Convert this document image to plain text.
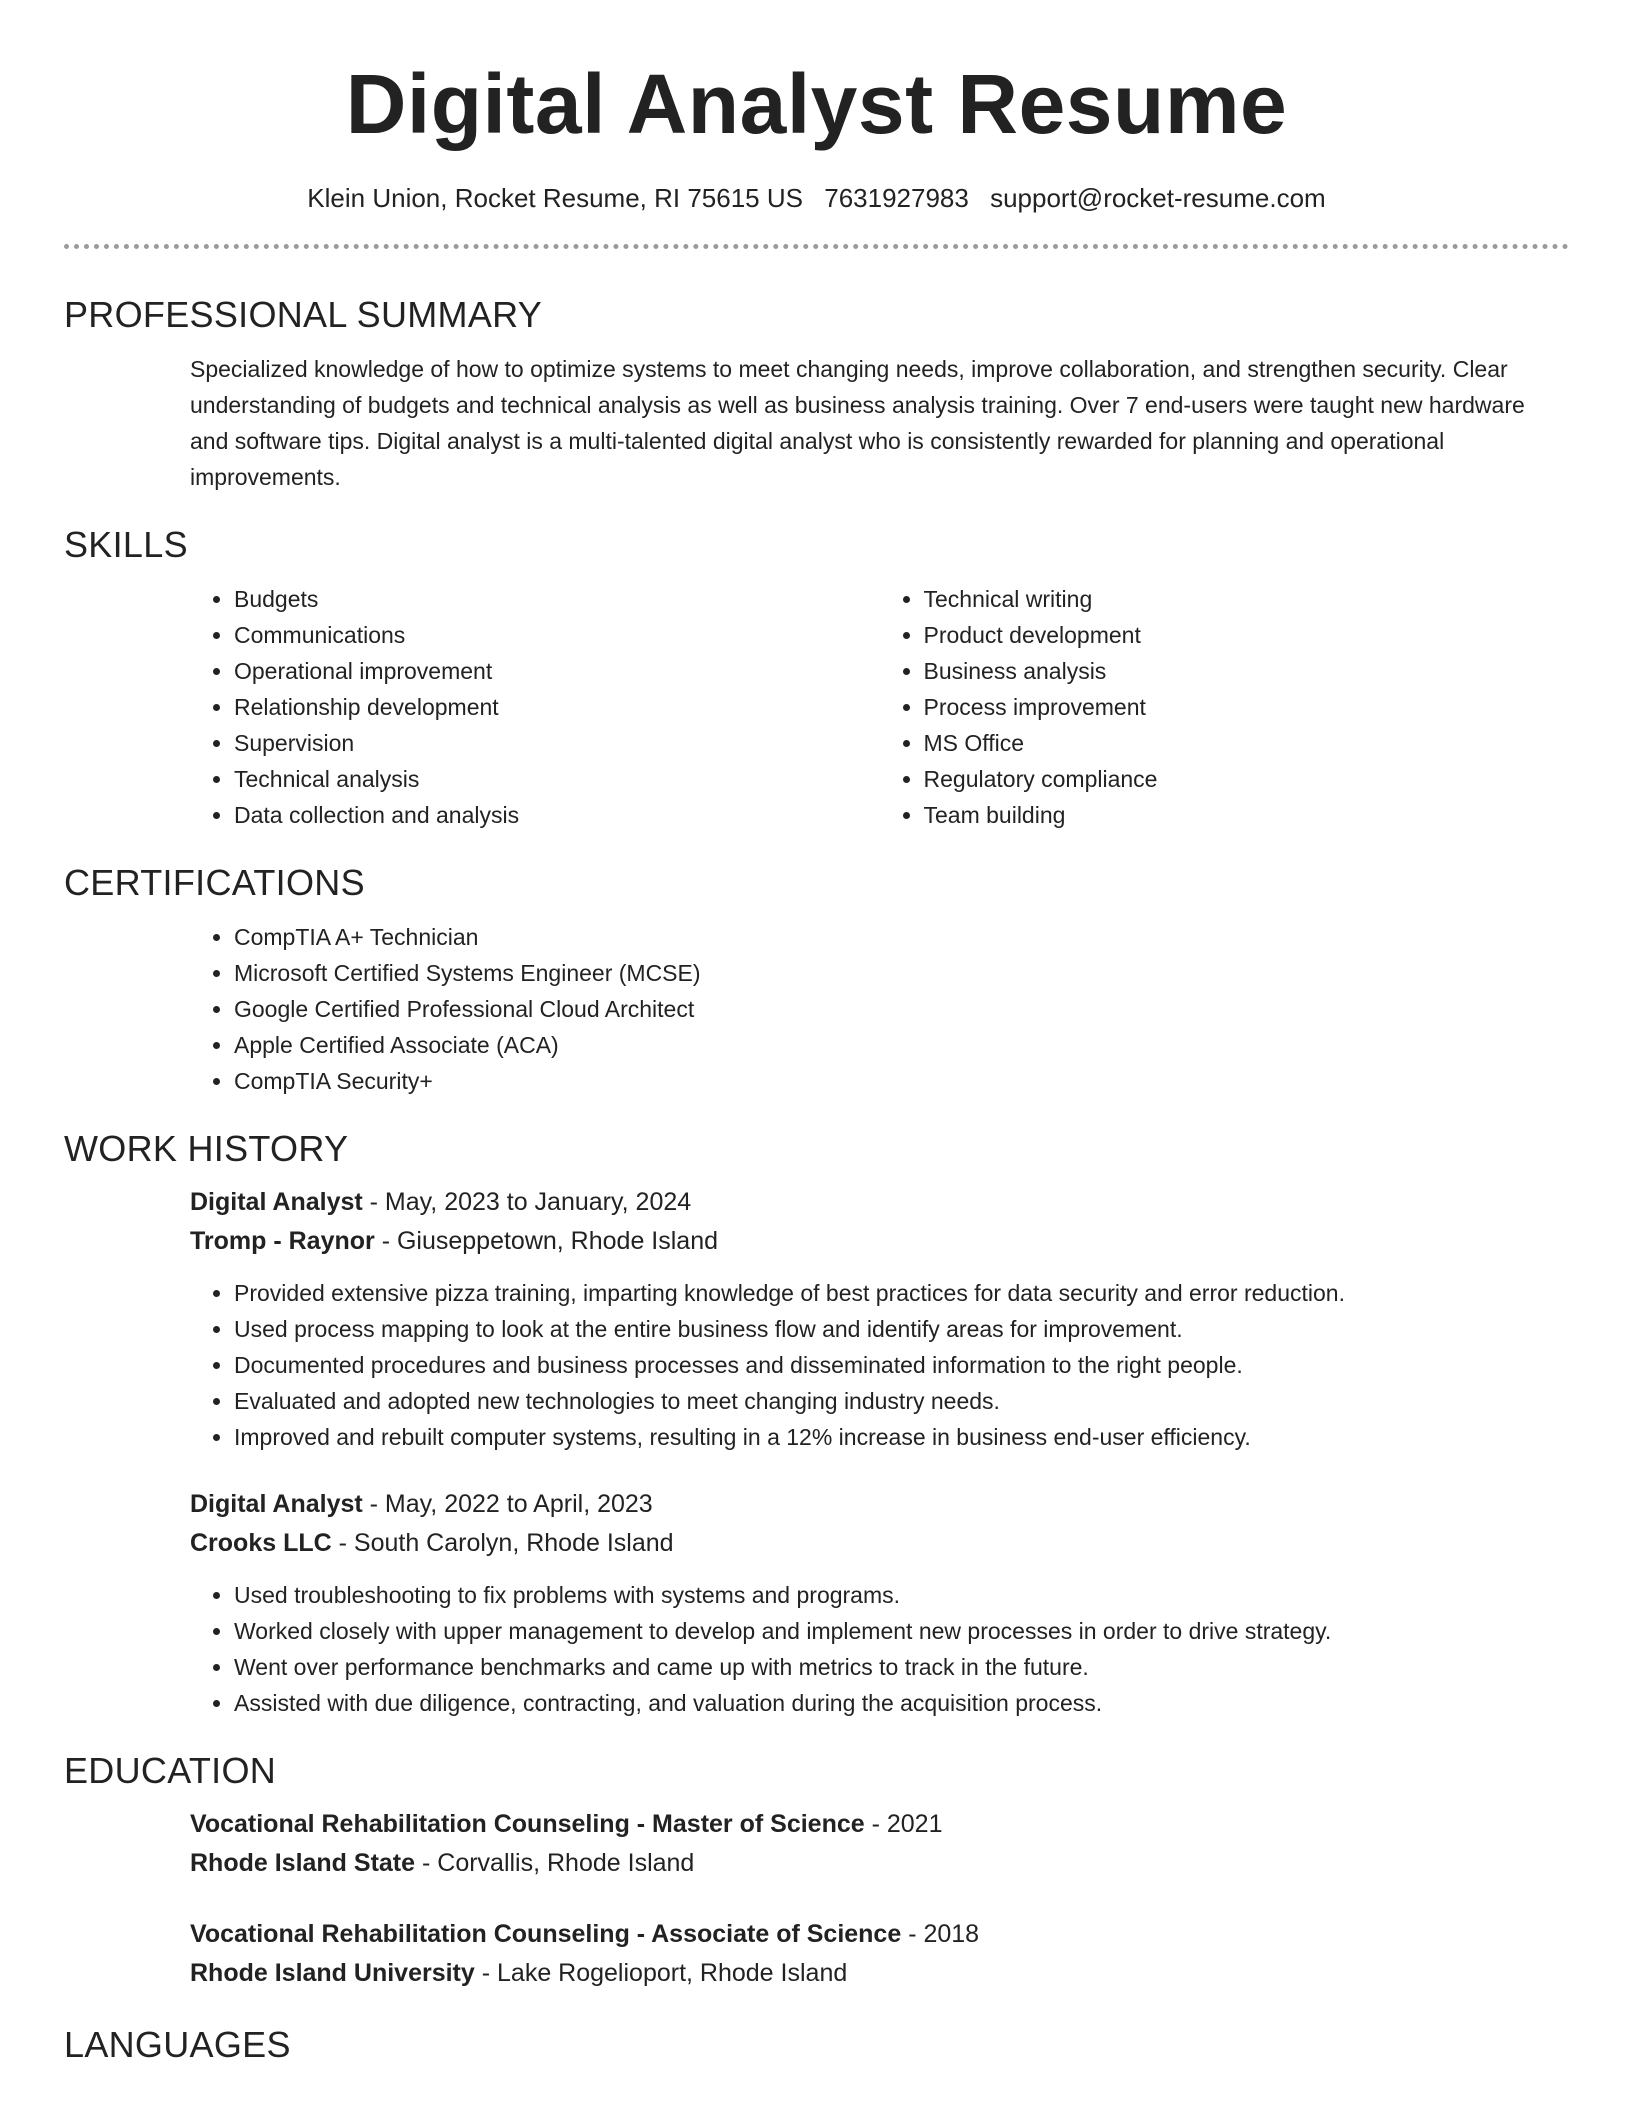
Digital Analyst Resume
Klein Union, Rocket Resume, RI 75615 US 7631927983 support@rocket-resume.com
PROFESSIONAL SUMMARY

Specialized knowledge of how to optimize systems to meet changing needs, improve collaboration, and strengthen security. Clear understanding of budgets and technical analysis as well as business analysis training. Over 7 end-users were taught new hardware and software tips. Digital analyst is a multi-talented digital analyst who is consistently rewarded for planning and operational improvements.

SKILLS
• Budgets
• Communications
• Operational improvement
• Relationship development
• Supervision
• Technical analysis
• Data collection and analysis
• Technical writing
• Product development
• Business analysis
• Process improvement
• MS Office
• Regulatory compliance
• Team building
CERTIFICATIONS
• CompTIA A+ Technician
• Microsoft Certified Systems Engineer (MCSE)
• Google Certified Professional Cloud Architect
• Apple Certified Associate (ACA)
• CompTIA Security+
WORK HISTORY
Digital Analyst - May, 2023 to January, 2024
Tromp - Raynor - Giuseppetown, Rhode Island
• Provided extensive pizza training, imparting knowledge of best practices for data security and error reduction.
• Used process mapping to look at the entire business flow and identify areas for improvement.
• Documented procedures and business processes and disseminated information to the right people.
• Evaluated and adopted new technologies to meet changing industry needs.
• Improved and rebuilt computer systems, resulting in a 12% increase in business end-user efficiency.
Digital Analyst - May, 2022 to April, 2023
Crooks LLC - South Carolyn, Rhode Island
• Used troubleshooting to fix problems with systems and programs.
• Worked closely with upper management to develop and implement new processes in order to drive strategy.
• Went over performance benchmarks and came up with metrics to track in the future.
• Assisted with due diligence, contracting, and valuation during the acquisition process.
EDUCATION
Vocational Rehabilitation Counseling - Master of Science - 2021
Rhode Island State - Corvallis, Rhode Island
Vocational Rehabilitation Counseling - Associate of Science - 2018
Rhode Island University - Lake Rogelioport, Rhode Island
LANGUAGES
